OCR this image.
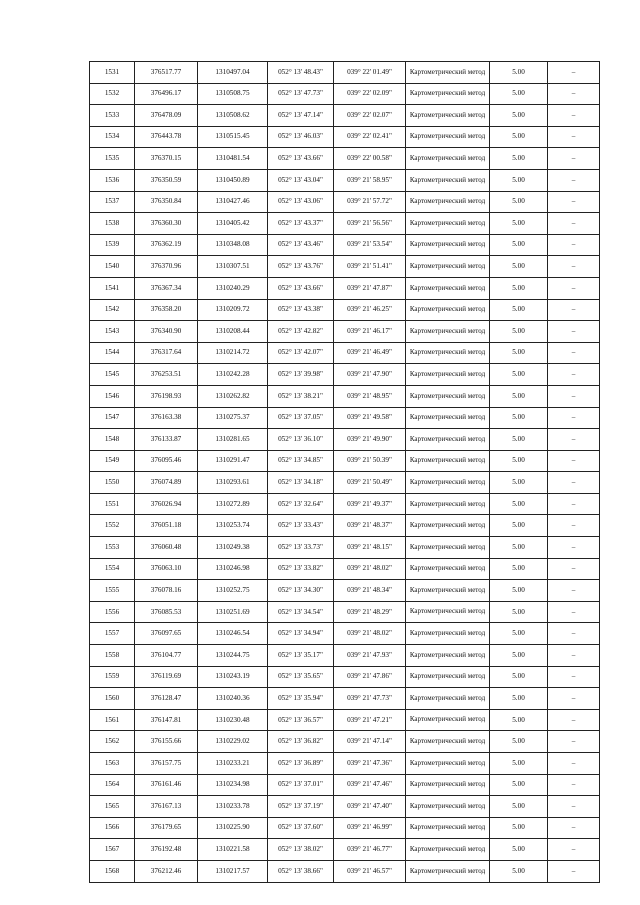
1531	376517.77	1310497.04	052° 13' 48.43"	039° 22' 01.49"	Картометрический метод	5.00	–
1532	376496.17	1310508.75	052° 13' 47.73"	039° 22' 02.09"	Картометрический метод	5.00	–
1533	376478.09	1310508.62	052° 13' 47.14"	039° 22' 02.07"	Картометрический метод	5.00	–
1534	376443.78	1310515.45	052° 13' 46.03"	039° 22' 02.41"	Картометрический метод	5.00	–
1535	376370.15	1310481.54	052° 13' 43.66"	039° 22' 00.58"	Картометрический метод	5.00	–
1536	376350.59	1310450.89	052° 13' 43.04"	039° 21' 58.95"	Картометрический метод	5.00	–
1537	376350.84	1310427.46	052° 13' 43.06"	039° 21' 57.72"	Картометрический метод	5.00	–
1538	376360.30	1310405.42	052° 13' 43.37"	039° 21' 56.56"	Картометрический метод	5.00	–
1539	376362.19	1310348.08	052° 13' 43.46"	039° 21' 53.54"	Картометрический метод	5.00	–
1540	376370.96	1310307.51	052° 13' 43.76"	039° 21' 51.41"	Картометрический метод	5.00	–
1541	376367.34	1310240.29	052° 13' 43.66"	039° 21' 47.87"	Картометрический метод	5.00	–
1542	376358.20	1310209.72	052° 13' 43.38"	039° 21' 46.25"	Картометрический метод	5.00	–
1543	376340.90	1310208.44	052° 13' 42.82"	039° 21' 46.17"	Картометрический метод	5.00	–
1544	376317.64	1310214.72	052° 13' 42.07"	039° 21' 46.49"	Картометрический метод	5.00	–
1545	376253.51	1310242.28	052° 13' 39.98"	039° 21' 47.90"	Картометрический метод	5.00	–
1546	376198.93	1310262.82	052° 13' 38.21"	039° 21' 48.95"	Картометрический метод	5.00	–
1547	376163.38	1310275.37	052° 13' 37.05"	039° 21' 49.58"	Картометрический метод	5.00	–
1548	376133.87	1310281.65	052° 13' 36.10"	039° 21' 49.90"	Картометрический метод	5.00	–
1549	376095.46	1310291.47	052° 13' 34.85"	039° 21' 50.39"	Картометрический метод	5.00	–
1550	376074.89	1310293.61	052° 13' 34.18"	039° 21' 50.49"	Картометрический метод	5.00	–
1551	376026.94	1310272.89	052° 13' 32.64"	039° 21' 49.37"	Картометрический метод	5.00	–
1552	376051.18	1310253.74	052° 13' 33.43"	039° 21' 48.37"	Картометрический метод	5.00	–
1553	376060.48	1310249.38	052° 13' 33.73"	039° 21' 48.15"	Картометрический метод	5.00	–
1554	376063.10	1310246.98	052° 13' 33.82"	039° 21' 48.02"	Картометрический метод	5.00	–
1555	376078.16	1310252.75	052° 13' 34.30"	039° 21' 48.34"	Картометрический метод	5.00	–
1556	376085.53	1310251.69	052° 13' 34.54"	039° 21' 48.29"	Картометрический метод	5.00	–
1557	376097.65	1310246.54	052° 13' 34.94"	039° 21' 48.02"	Картометрический метод	5.00	–
1558	376104.77	1310244.75	052° 13' 35.17"	039° 21' 47.93"	Картометрический метод	5.00	–
1559	376119.69	1310243.19	052° 13' 35.65"	039° 21' 47.86"	Картометрический метод	5.00	–
1560	376128.47	1310240.36	052° 13' 35.94"	039° 21' 47.73"	Картометрический метод	5.00	–
1561	376147.81	1310230.48	052° 13' 36.57"	039° 21' 47.21"	Картометрический метод	5.00	–
1562	376155.66	1310229.02	052° 13' 36.82"	039° 21' 47.14"	Картометрический метод	5.00	–
1563	376157.75	1310233.21	052° 13' 36.89"	039° 21' 47.36"	Картометрический метод	5.00	–
1564	376161.46	1310234.98	052° 13' 37.01"	039° 21' 47.46"	Картометрический метод	5.00	–
1565	376167.13	1310233.78	052° 13' 37.19"	039° 21' 47.40"	Картометрический метод	5.00	–
1566	376179.65	1310225.90	052° 13' 37.60"	039° 21' 46.99"	Картометрический метод	5.00	–
1567	376192.48	1310221.58	052° 13' 38.02"	039° 21' 46.77"	Картометрический метод	5.00	–
1568	376212.46	1310217.57	052° 13' 38.66"	039° 21' 46.57"	Картометрический метод	5.00	–
